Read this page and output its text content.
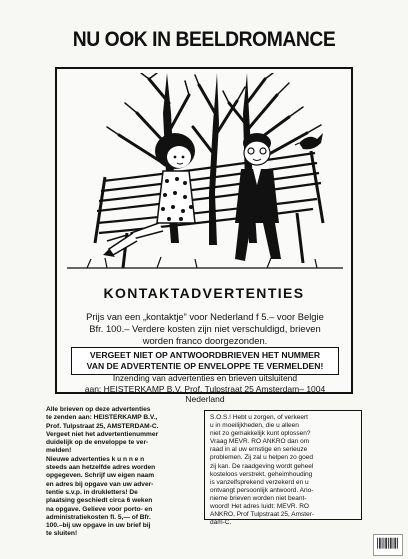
NU OOK IN BEELDROMANCE
KONTAKTADVERTENTIES
Prijs van een „kontaktje” voor Nederland f 5.– voor Belgie
Bfr. 100.– Verdere kosten zijn niet verschuldigd, brieven
worden franco doorgezonden.
VERGEET NIET OP ANTWOORDBRIEVEN HET NUMMER
VAN DE ADVERTENTIE OP ENVELOPPE TE VERMELDEN!
Inzending van advertenties en brieven uitsluitend
aan: HEISTERKAMP B.V. Prof. Tulpstraat 25 Amsterdam– 1004
Nederland
Alle brieven op deze advertenties
te zenden aan: HEISTERKAMP B.V.,
Prof. Tulpstraat 25, AMSTERDAM-C.
Vergeet niet het advertentienummer
duidelijk op de enveloppe te ver-
melden!
Nieuwe advertenties k u n n e n
steeds aan hetzelfde adres worden
opgegeven. Schrijf uw eigen naam
en adres bij opgave van uw adver-
tentie s.v.p. in drukletters! De
plaatsing geschiedt circa 6 weken
na opgave. Gelieve voor porto- en
administratiekosten fl. 5,— of Bfr.
100.–bij uw opgave in uw brief bij
te sluiten!
S.O.S.! Hebt u zorgen, of verkeert
u in moeilijkheden, die u alleen
niet zo gemakkelijk kunt oplossen?
Vraag MEVR. RO ANKRO dan om
raad in al uw ernstige en serieuze
problemen. Zij zal u helpen zo goed
zij kan. De raadgeving wordt geheel
kosteloos verstrekt, geheimhouding
is vanzelfsprekend verzekerd en u
ontvangt persoonlijk antwoord. Ano-
nieme brieven worden niet beant-
woord! Het adres luidt: MEVR. RO
ANKRO, Prof Tulpstraat 25, Amster-
dam-C.
